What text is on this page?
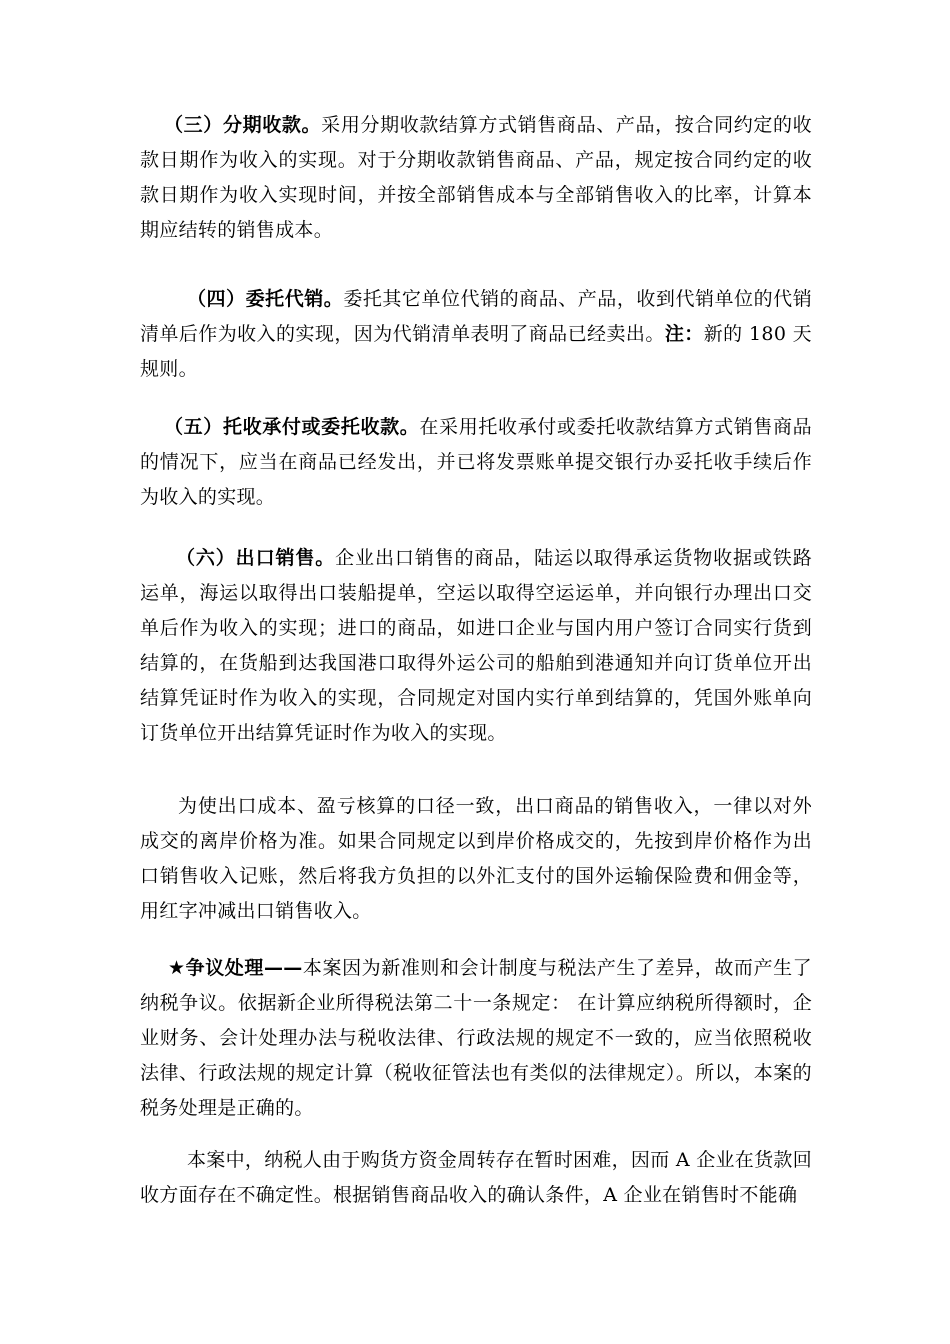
（三）分期收款。采用分期收款结算方式销售商品、产品，按合同约定的收款日期作为收入的实现。对于分期收款销售商品、产品，规定按合同约定的收款日期作为收入实现时间，并按全部销售成本与全部销售收入的比率，计算本期应结转的销售成本。

（四）委托代销。委托其它单位代销的商品、产品，收到代销单位的代销清单后作为收入的实现，因为代销清单表明了商品已经卖出。注：新的 180 天规则。

（五）托收承付或委托收款。在采用托收承付或委托收款结算方式销售商品的情况下，应当在商品已经发出，并已将发票账单提交银行办妥托收手续后作为收入的实现。

（六）出口销售。企业出口销售的商品，陆运以取得承运货物收据或铁路运单，海运以取得出口装船提单，空运以取得空运运单，并向银行办理出口交单后作为收入的实现；进口的商品，如进口企业与国内用户签订合同实行货到结算的，在货船到达我国港口取得外运公司的船舶到港通知并向订货单位开出结算凭证时作为收入的实现，合同规定对国内实行单到结算的，凭国外账单向订货单位开出结算凭证时作为收入的实现。

为使出口成本、盈亏核算的口径一致，出口商品的销售收入，一律以对外成交的离岸价格为准。如果合同规定以到岸价格成交的，先按到岸价格作为出口销售收入记账，然后将我方负担的以外汇支付的国外运输保险费和佣金等，用红字冲减出口销售收入。

★争议处理——本案因为新准则和会计制度与税法产生了差异，故而产生了纳税争议。依据新企业所得税法第二十一条规定： 在计算应纳税所得额时，企业财务、会计处理办法与税收法律、行政法规的规定不一致的，应当依照税收法律、行政法规的规定计算（税收征管法也有类似的法律规定）。所以，本案的税务处理是正确的。

本案中，纳税人由于购货方资金周转存在暂时困难，因而 A 企业在货款回收方面存在不确定性。根据销售商品收入的确认条件，A 企业在销售时不能确
